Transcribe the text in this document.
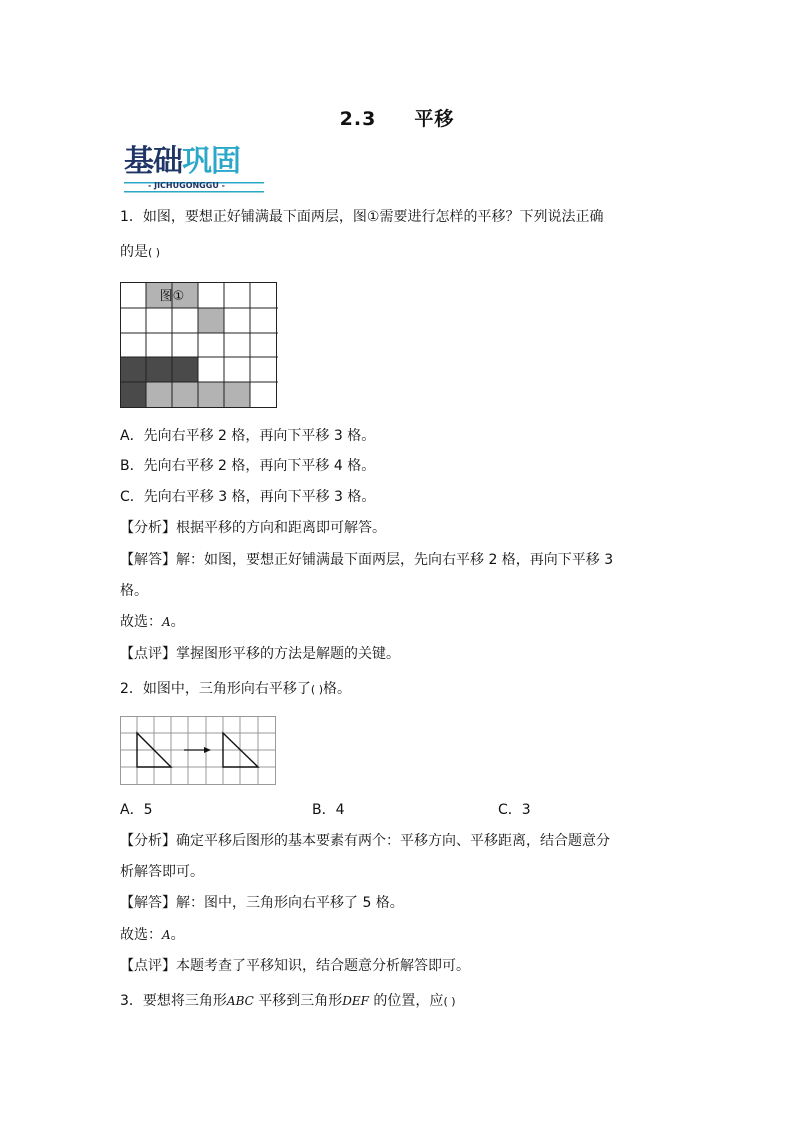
2.3 平移
基础巩固
- JICHUGONGGU -
1．如图，要想正好铺满最下面两层，图①需要进行怎样的平移？下列说法正确
的是( )
图①
A．先向右平移 2 格，再向下平移 3 格。
B．先向右平移 2 格，再向下平移 4 格。
C．先向右平移 3 格，再向下平移 3 格。
【分析】根据平移的方向和距离即可解答。
【解答】解：如图，要想正好铺满最下面两层，先向右平移 2 格，再向下平移 3
格。
故选：A。
【点评】掌握图形平移的方法是解题的关键。
2．如图中，三角形向右平移了( )格。
A．5	B．4	C．3
【分析】确定平移后图形的基本要素有两个：平移方向、平移距离，结合题意分
析解答即可。
【解答】解：图中，三角形向右平移了 5 格。
故选：A。
【点评】本题考查了平移知识，结合题意分析解答即可。
3．要想将三角形ABC 平移到三角形DEF 的位置，应( )
